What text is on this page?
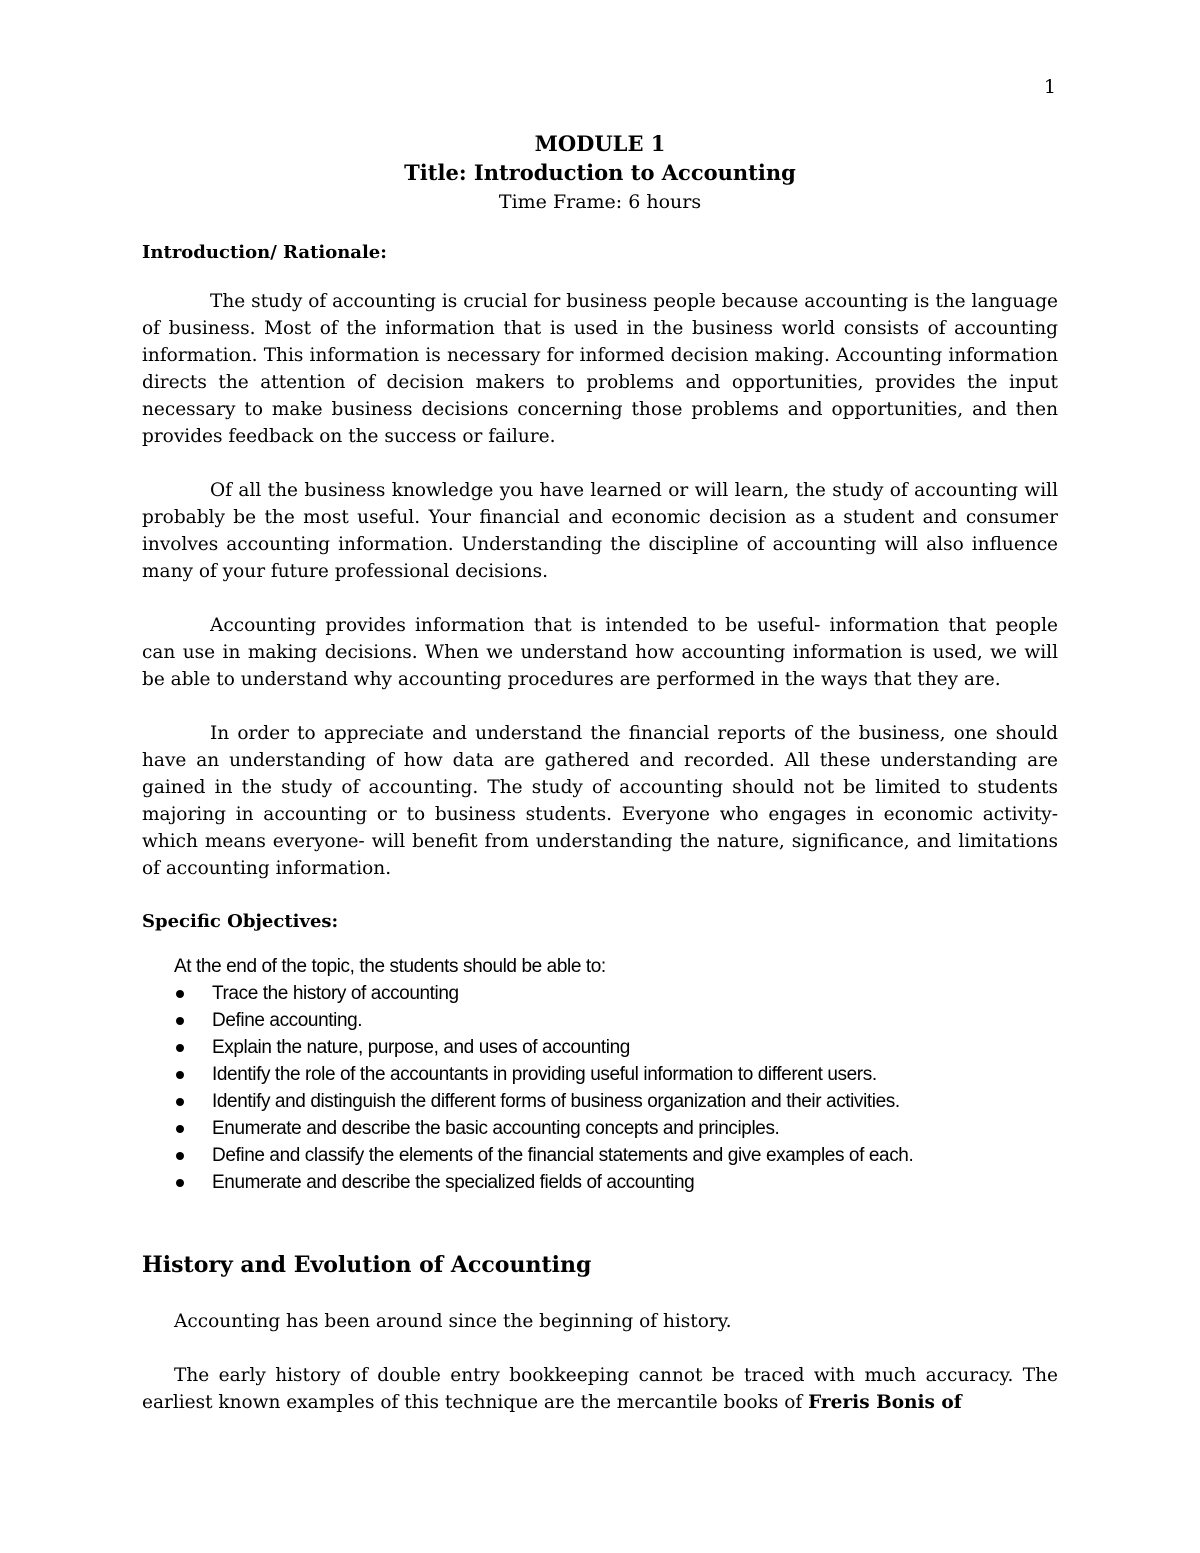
1

MODULE 1

Title: Introduction to Accounting

Time Frame: 6 hours

Introduction/ Rationale:

The study of accounting is crucial for business people because accounting is the language of business. Most of the information that is used in the business world consists of accounting information. This information is necessary for informed decision making. Accounting information directs the attention of decision makers to problems and opportunities, provides the input necessary to make business decisions concerning those problems and opportunities, and then provides feedback on the success or failure.

Of all the business knowledge you have learned or will learn, the study of accounting will probably be the most useful. Your financial and economic decision as a student and consumer involves accounting information. Understanding the discipline of accounting will also influence many of your future professional decisions.

Accounting provides information that is intended to be useful- information that people can use in making decisions. When we understand how accounting information is used, we will be able to understand why accounting procedures are performed in the ways that they are.

In order to appreciate and understand the financial reports of the business, one should have an understanding of how data are gathered and recorded. All these understanding are gained in the study of accounting. The study of accounting should not be limited to students majoring in accounting or to business students. Everyone who engages in economic activity- which means everyone- will benefit from understanding the nature, significance, and limitations of accounting information.

Specific Objectives:

At the end of the topic, the students should be able to:

Trace the history of accounting
Define accounting.
Explain the nature, purpose, and uses of accounting
Identify the role of the accountants in providing useful information to different users.
Identify and distinguish the different forms of business organization and their activities.
Enumerate and describe the basic accounting concepts and principles.
Define and classify the elements of the financial statements and give examples of each.
Enumerate and describe the specialized fields of accounting

History and Evolution of Accounting

Accounting has been around since the beginning of history.

The early history of double entry bookkeeping cannot be traced with much accuracy. The earliest known examples of this technique are the mercantile books of Freris Bonis of
